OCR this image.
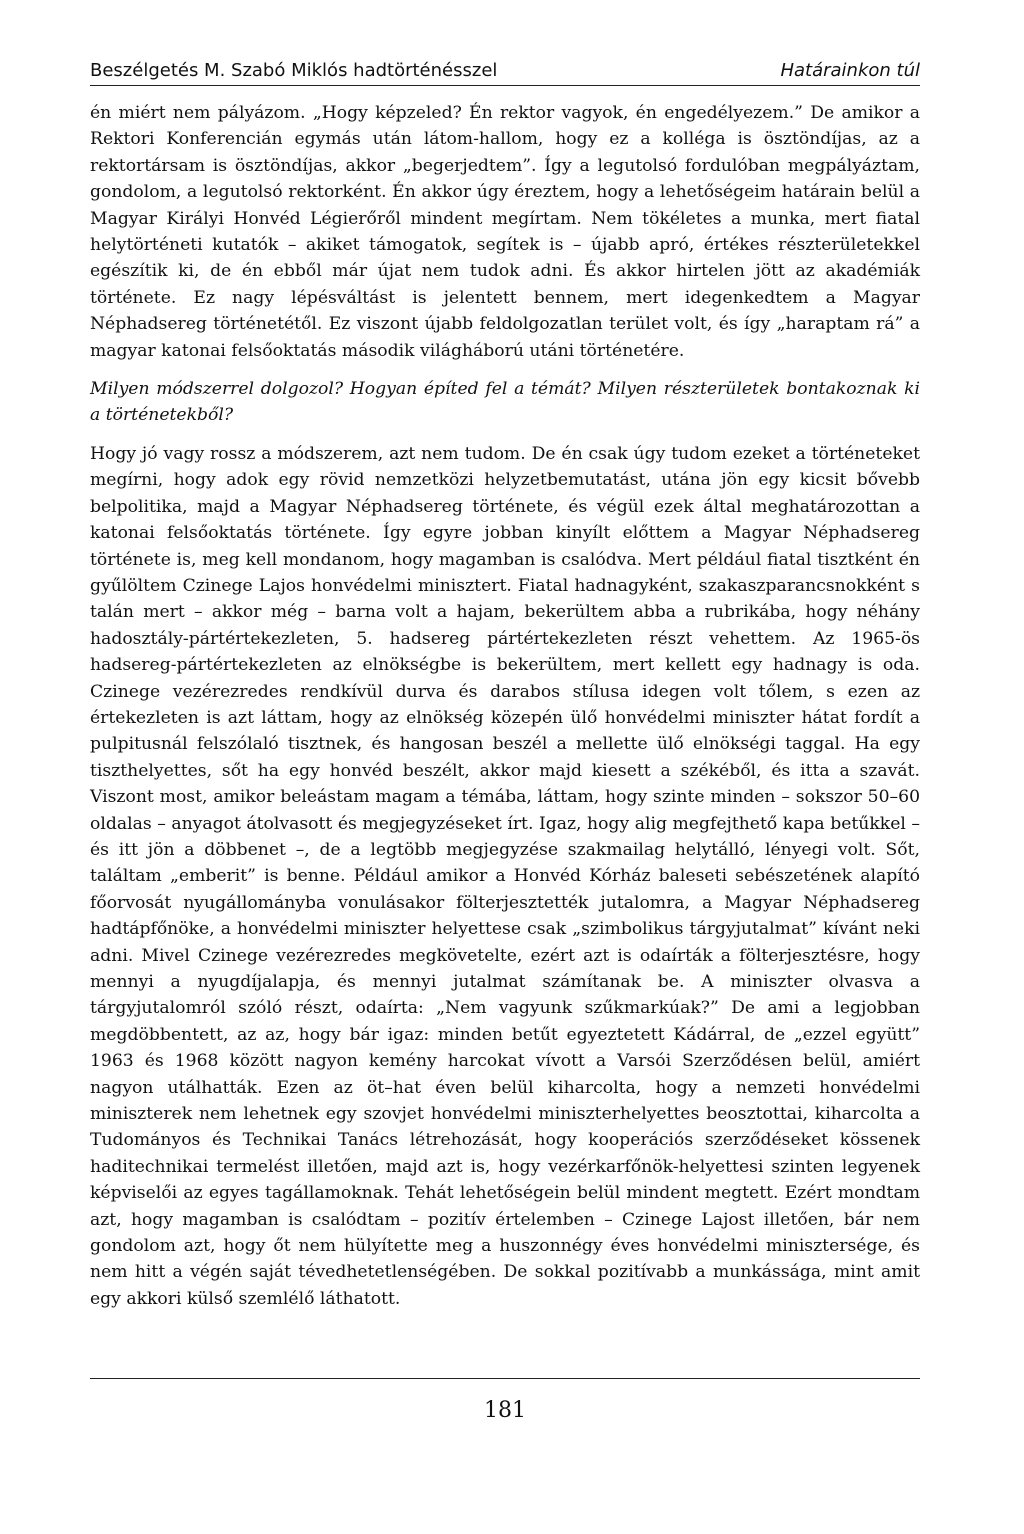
Beszélgetés M. Szabó Miklós hadtörténésszel	Határainkon túl

én miért nem pályázom. „Hogy képzeled? Én rektor vagyok, én engedélyezem.” De amikor a Rektori Konferencián egymás után látom-hallom, hogy ez a kolléga is ösztöndíjas, az a rektortársam is ösztöndíjas, akkor „begerjedtem”. Így a legutolsó fordulóban megpályáztam, gondolom, a legutolsó rektorként. Én akkor úgy éreztem, hogy a lehetőségeim határain belül a Magyar Királyi Honvéd Légierőről mindent megírtam. Nem tökéletes a munka, mert fiatal helytörténeti kutatók – akiket támogatok, segítek is – újabb apró, értékes részterületekkel egészítik ki, de én ebből már újat nem tudok adni. És akkor hirtelen jött az akadémiák története. Ez nagy lépésváltást is jelentett bennem, mert idegenkedtem a Magyar Néphadsereg történetétől. Ez viszont újabb feldolgozatlan terület volt, és így „haraptam rá” a magyar katonai felsőoktatás második világháború utáni történetére.

Milyen módszerrel dolgozol? Hogyan építed fel a témát? Milyen részterületek bontakoznak ki a történetekből?

Hogy jó vagy rossz a módszerem, azt nem tudom. De én csak úgy tudom ezeket a történeteket megírni, hogy adok egy rövid nemzetközi helyzetbemutatást, utána jön egy kicsit bővebb belpolitika, majd a Magyar Néphadsereg története, és végül ezek által meghatározottan a katonai felsőoktatás története. Így egyre jobban kinyílt előttem a Magyar Néphadsereg története is, meg kell mondanom, hogy magamban is csalódva. Mert például fiatal tisztként én gyűlöltem Czinege Lajos honvédelmi minisztert. Fiatal hadnagyként, szakaszparancsnokként s talán mert – akkor még – barna volt a hajam, bekerültem abba a rubrikába, hogy néhány hadosztály-pártértekezleten, 5. hadsereg pártértekezleten részt vehettem. Az 1965-ös hadsereg-pártértekezleten az elnökségbe is bekerültem, mert kellett egy hadnagy is oda. Czinege vezérezredes rendkívül durva és darabos stílusa idegen volt tőlem, s ezen az értekezleten is azt láttam, hogy az elnökség közepén ülő honvédelmi miniszter hátat fordít a pulpitusnál felszólaló tisztnek, és hangosan beszél a mellette ülő elnökségi taggal. Ha egy tiszthelyettes, sőt ha egy honvéd beszélt, akkor majd kiesett a székéből, és itta a szavát. Viszont most, amikor beleástam magam a témába, láttam, hogy szinte minden – sokszor 50–60 oldalas – anyagot átolvasott és megjegyzéseket írt. Igaz, hogy alig megfejthető kapa betűkkel – és itt jön a döbbenet –, de a legtöbb megjegyzése szakmailag helytálló, lényegi volt. Sőt, találtam „emberit” is benne. Például amikor a Honvéd Kórház baleseti sebészetének alapító főorvosát nyugállományba vonulásakor fölterjesztették jutalomra, a Magyar Néphadsereg hadtápfőnöke, a honvédelmi miniszter helyettese csak „szimbolikus tárgyjutalmat” kívánt neki adni. Mivel Czinege vezérezredes megkövetelte, ezért azt is odaírták a fölterjesztésre, hogy mennyi a nyugdíjalapja, és mennyi jutalmat számítanak be. A miniszter olvasva a tárgyjutalomról szóló részt, odaírta: „Nem vagyunk szűkmarkúak?” De ami a legjobban megdöbbentett, az az, hogy bár igaz: minden betűt egyeztetett Kádárral, de „ezzel együtt” 1963 és 1968 között nagyon kemény harcokat vívott a Varsói Szerződésen belül, amiért nagyon utálhatták. Ezen az öt–hat éven belül kiharcolta, hogy a nemzeti honvédelmi miniszterek nem lehetnek egy szovjet honvédelmi miniszterhelyettes beosztottai, kiharcolta a Tudományos és Technikai Tanács létrehozását, hogy kooperációs szerződéseket kössenek haditechnikai termelést illetően, majd azt is, hogy vezérkarfőnök-helyettesi szinten legyenek képviselői az egyes tagállamoknak. Tehát lehetőségein belül mindent megtett. Ezért mondtam azt, hogy magamban is csalódtam – pozitív értelemben – Czinege Lajost illetően, bár nem gondolom azt, hogy őt nem hülyítette meg a huszonnégy éves honvédelmi minisztersége, és nem hitt a végén saját tévedhetetlenségében. De sokkal pozitívabb a munkássága, mint amit egy akkori külső szemlélő láthatott.

181
